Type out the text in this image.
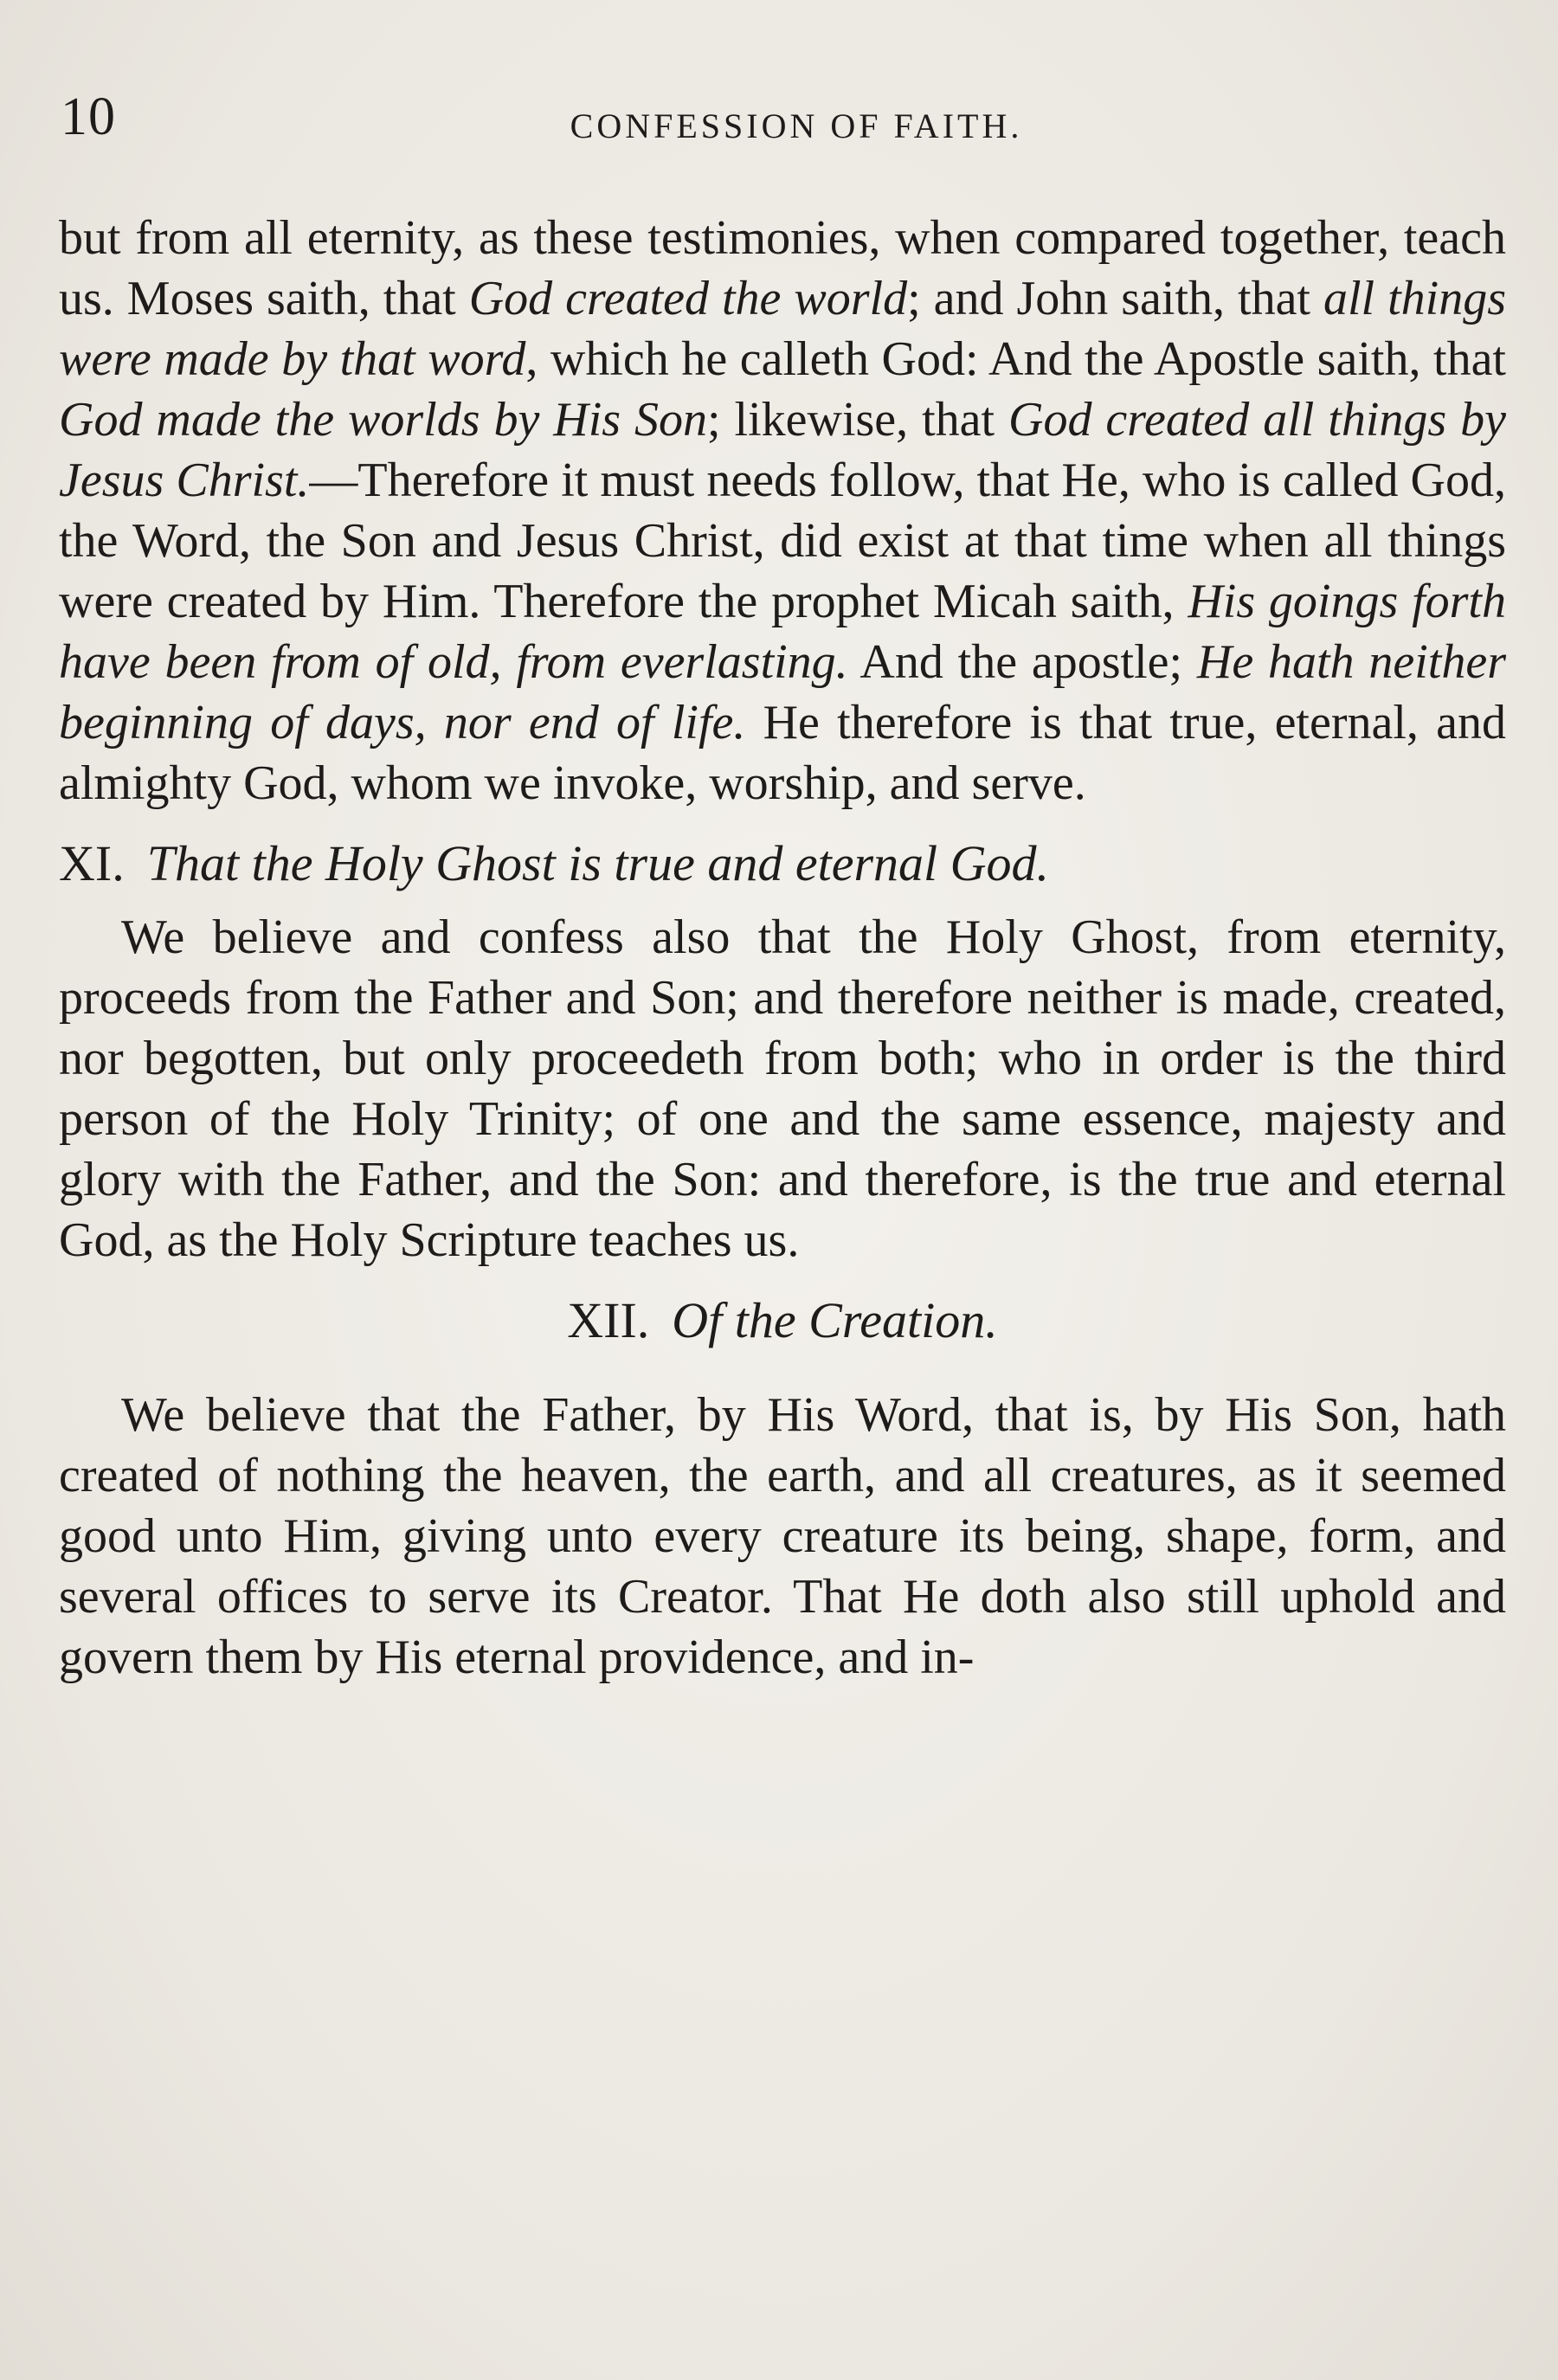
10	CONFESSION OF FAITH.

but from all eternity, as these testimonies, when compared together, teach us. Moses saith, that God created the world; and John saith, that all things were made by that word, which he calleth God: And the Apostle saith, that God made the worlds by His Son; likewise, that God created all things by Jesus Christ.—Therefore it must needs follow, that He, who is called God, the Word, the Son and Jesus Christ, did exist at that time when all things were created by Him. Therefore the prophet Micah saith, His goings forth have been from of old, from everlasting. And the apostle; He hath neither beginning of days, nor end of life. He therefore is that true, eternal, and almighty God, whom we invoke, worship, and serve.

XI. That the Holy Ghost is true and eternal God.

We believe and confess also that the Holy Ghost, from eternity, proceeds from the Father and Son; and therefore neither is made, created, nor begotten, but only proceedeth from both; who in order is the third person of the Holy Trinity; of one and the same essence, majesty and glory with the Father, and the Son: and therefore, is the true and eternal God, as the Holy Scripture teaches us.

XII. Of the Creation.

We believe that the Father, by His Word, that is, by His Son, hath created of nothing the heaven, the earth, and all creatures, as it seemed good unto Him, giving unto every creature its being, shape, form, and several offices to serve its Creator. That He doth also still uphold and govern them by His eternal providence, and in-
